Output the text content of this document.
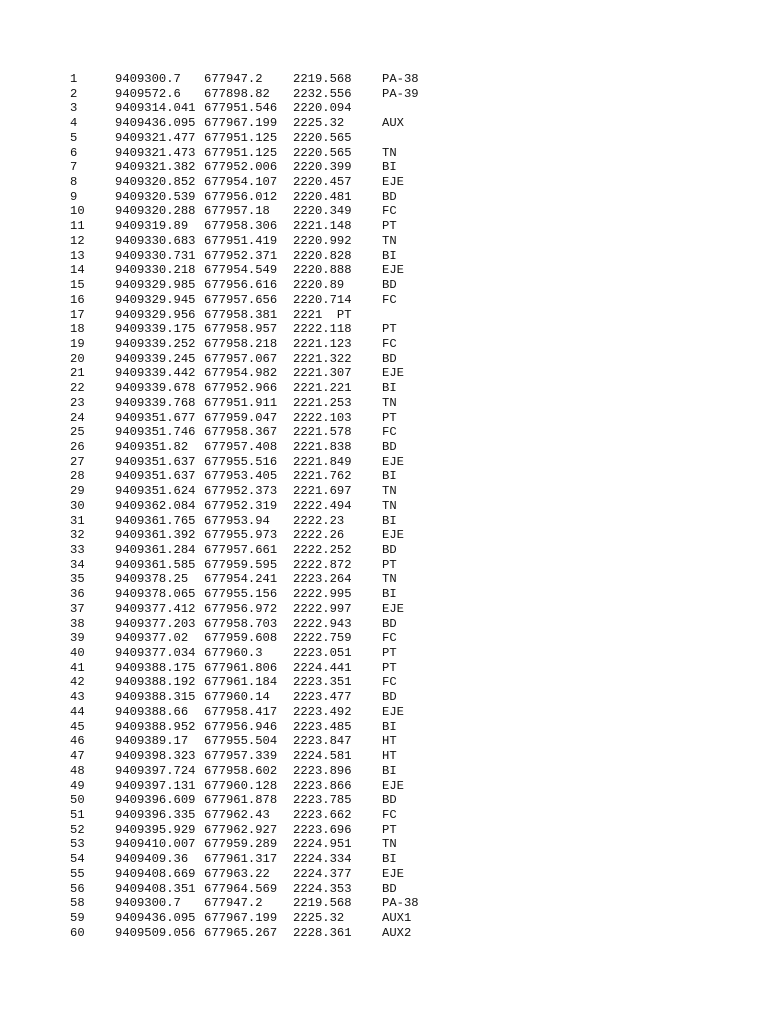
1	9409300.7 677947.2 2219.568 PA-38
2	9409572.6 677898.82 2232.556 PA-39
3	9409314.041 677951.546 2220.094
4	9409436.095 677967.199 2225.32	AUX
5	9409321.477 677951.125 2220.565
6	9409321.473 677951.125 2220.565 TN
7	9409321.382 677952.006 2220.399 BI
8	9409320.852 677954.107 2220.457 EJE
9	9409320.539 677956.012 2220.481 BD
10 9409320.288 677957.18 2220.349 FC
11 9409319.89 677958.306 2221.148 PT
12 9409330.683 677951.419 2220.992 TN
13 9409330.731 677952.371 2220.828 BI
14 9409330.218 677954.549 2220.888 EJE
15 9409329.985 677956.616 2220.89	BD
16 9409329.945 677957.656 2220.714 FC
17 9409329.956 677958.381 2221  PT
18 9409339.175 677958.957 2222.118 PT
19 9409339.252 677958.218 2221.123 FC
20 9409339.245 677957.067 2221.322 BD
21 9409339.442 677954.982 2221.307 EJE
22 9409339.678 677952.966 2221.221 BI
23 9409339.768 677951.911 2221.253 TN
24 9409351.677 677959.047 2222.103 PT
25 9409351.746 677958.367 2221.578 FC
26 9409351.82 677957.408 2221.838 BD
27 9409351.637 677955.516 2221.849 EJE
28 9409351.637 677953.405 2221.762 BI
29 9409351.624 677952.373 2221.697 TN
30 9409362.084 677952.319 2222.494 TN
31 9409361.765 677953.94 2222.23	BI
32 9409361.392 677955.973 2222.26	EJE
33 9409361.284 677957.661 2222.252 BD
34 9409361.585 677959.595 2222.872 PT
35 9409378.25 677954.241 2223.264 TN
36 9409378.065 677955.156 2222.995 BI
37 9409377.412 677956.972 2222.997 EJE
38 9409377.203 677958.703 2222.943 BD
39 9409377.02 677959.608 2222.759 FC
40 9409377.034 677960.3 2223.051 PT
41 9409388.175 677961.806 2224.441 PT
42 9409388.192 677961.184 2223.351 FC
43 9409388.315 677960.14 2223.477 BD
44 9409388.66 677958.417 2223.492 EJE
45 9409388.952 677956.946 2223.485 BI
46 9409389.17 677955.504 2223.847 HT
47 9409398.323 677957.339 2224.581 HT
48 9409397.724 677958.602 2223.896 BI
49 9409397.131 677960.128 2223.866 EJE
50 9409396.609 677961.878 2223.785 BD
51 9409396.335 677962.43 2223.662 FC
52 9409395.929 677962.927 2223.696 PT
53 9409410.007 677959.289 2224.951 TN
54 9409409.36 677961.317 2224.334 BI
55 9409408.669 677963.22 2224.377 EJE
56 9409408.351 677964.569 2224.353 BD
58 9409300.7 677947.2 2219.568 PA-38
59 9409436.095 677967.199 2225.32	AUX1
60 9409509.056 677965.267 2228.361 AUX2
